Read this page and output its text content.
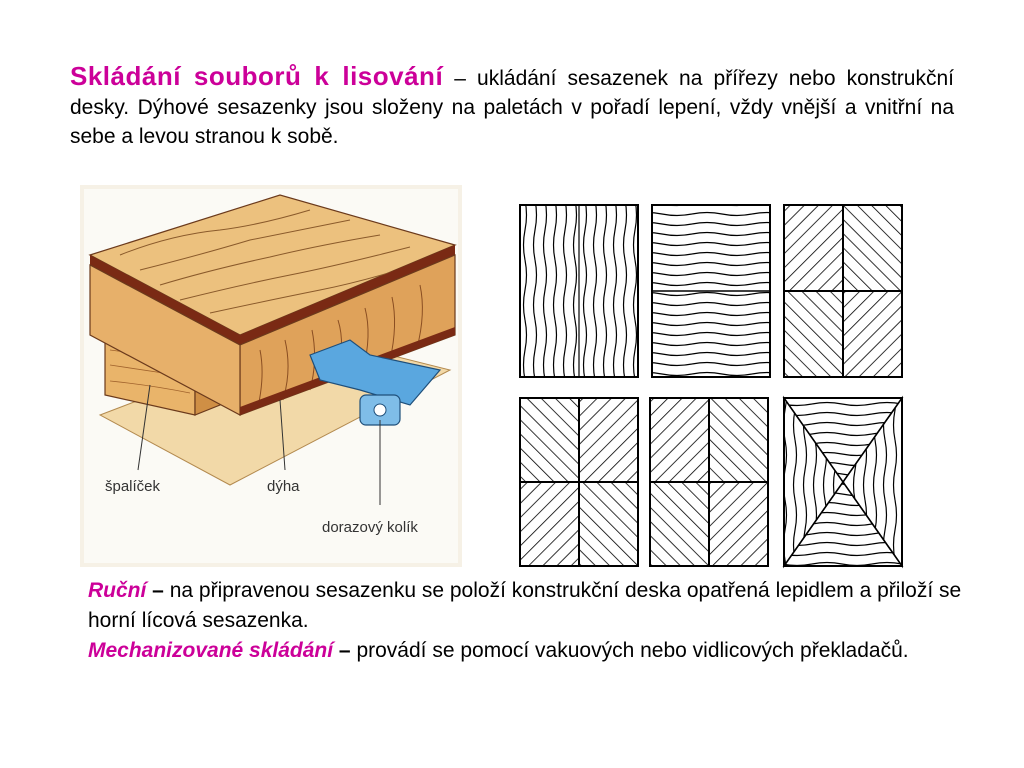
Skládání souborů k lisování – ukládání sesazenek na přířezy nebo konstrukční desky. Dýhové sesazenky jsou složeny na paletách v pořadí lepení, vždy vnější a vnitřní na sebe a levou stranou k sobě.

špalíček	dýha
dorazový kolík

Ruční – na připravenou sesazenku se položí konstrukční deska opatřená lepidlem a přiloží se horní lícová sesazenka.
Mechanizované skládání – provádí se pomocí vakuových nebo vidlicových překladačů.
